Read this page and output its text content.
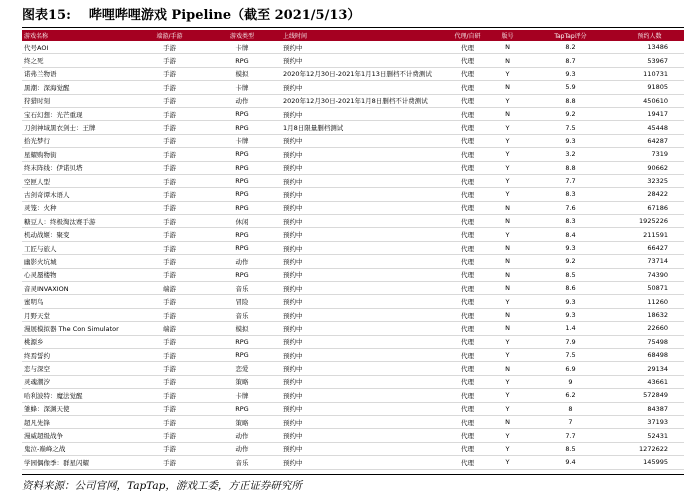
图表15: 哔哩哔哩游戏 Pipeline（截至 2021/5/13）
游戏名称	端游/手游	游戏类型	上线时间	代理/自研	版号	TapTap评分	预约人数
代号AOI	手游	卡牌	预约中	代理	N	8.2	13486
终之死	手游	RPG	预约中	代理	N	8.7	53967
诺弗兰物语	手游	模拟	2020年12月30日-2021年1月13日删档不计费测试	代理	Y	9.3	110731
黑潮：深海觉醒	手游	卡牌	预约中	代理	N	5.9	91805
狩猎时刻	手游	动作	2020年12月30日-2021年1月8日删档不计费测试	代理	Y	8.8	450610
宝石幻想：光芒重现	手游	RPG	预约中	代理	N	9.2	19417
刀剑神域黑衣剑士：王牌	手游	RPG	1月8日限量删档测试	代理	Y	7.5	45448
拾光梦行	手游	卡牌	预约中	代理	Y	9.3	64287
星耀购物街	手游	RPG	预约中	代理	Y	3.2	7319
终末阵线：伊诺贝塔	手游	RPG	预约中	代理	Y	8.8	90662
空匣人型	手游	RPG	预约中	代理	Y	7.7	32325
古剑奇谭木语人	手游	RPG	预约中	代理	Y	8.3	28422
灵笼：火种	手游	RPG	预约中	代理	N	7.6	67186
糖豆人：终极淘汰赛手游	手游	休闲	预约中	代理	N	8.3	1925226
机动战姬：聚变	手游	RPG	预约中	代理	Y	8.4	211591
工匠与旅人	手游	RPG	预约中	代理	N	9.3	66427
幽影火坑城	手游	动作	预约中	代理	N	9.2	73714
心灵蜃楼物	手游	RPG	预约中	代理	N	8.5	74390
音灵INVAXION	端游	音乐	预约中	代理	N	8.6	50871
蜜明鸟	手游	冒险	预约中	代理	Y	9.3	11260
月野天堂	手游	音乐	预约中	代理	N	9.3	18632
漫展模拟器 The Con Simulator	端游	模拟	预约中	代理	N	1.4	22660
桃源乡	手游	RPG	预约中	代理	Y	7.9	75498
终焉誓约	手游	RPG	预约中	代理	Y	7.5	68498
恋与深空	手游	恋爱	预约中	代理	N	6.9	29134
灵魂潮汐	手游	策略	预约中	代理	Y	9	43661
哈利波特：魔法觉醒	手游	卡牌	预约中	代理	Y	6.2	572849
雏蜂：深渊天使	手游	RPG	预约中	代理	Y	8	84387
超凡先锋	手游	策略	预约中	代理	N	7	37193
漫威超级战争	手游	动作	预约中	代理	Y	7.7	52431
鬼泣-巅峰之战	手游	动作	预约中	代理	Y	8.5	1272622
学园偶像季：群星闪耀	手游	音乐	预约中	代理	Y	9.4	145995
资料来源：公司官网，TapTap，游戏工委，方正证券研究所
